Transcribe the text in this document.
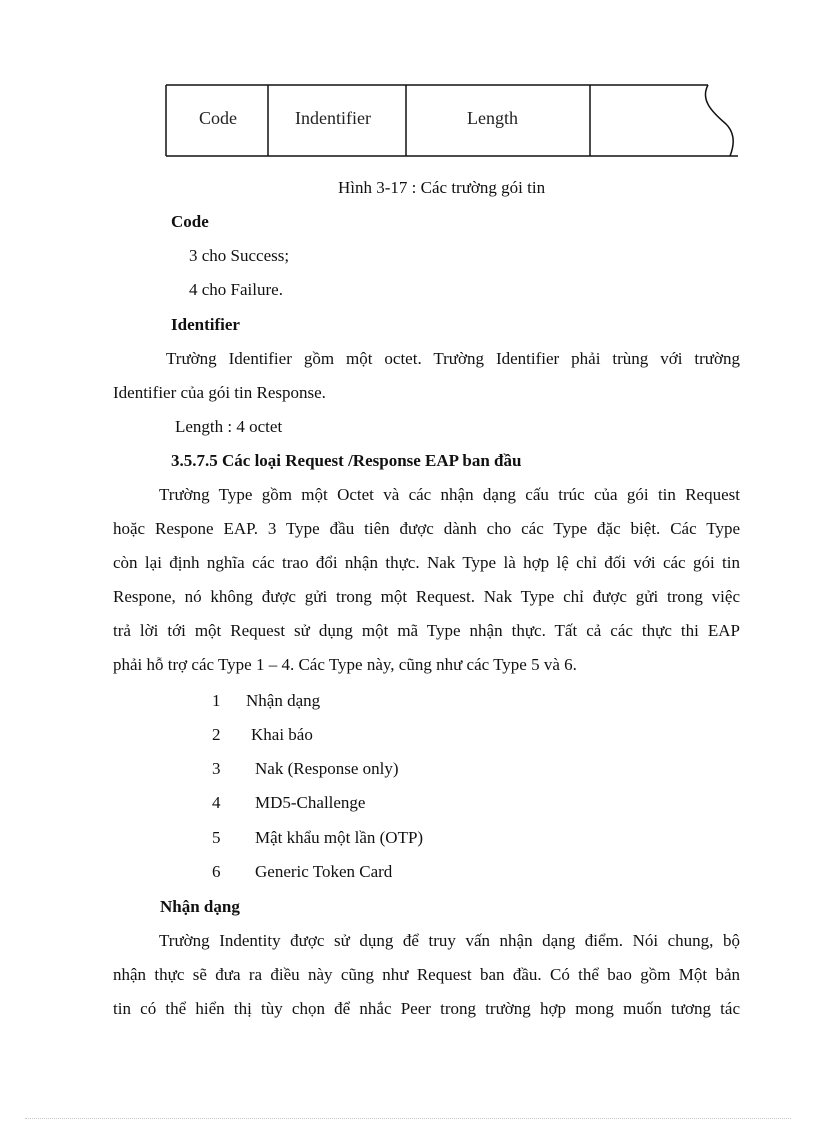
Code	Indentifier	Length
Hình 3-17 : Các trường gói tin
Code
3 cho Success;
4 cho Failure.
Identifier
Trường Identifier gồm một octet. Trường Identifier phải trùng với trường
Identifier của gói tin Response.
Length : 4 octet
3.5.7.5 Các loại Request /Response EAP ban đầu
Trường Type gồm một Octet và các nhận dạng cấu trúc của gói tin Request
hoặc Respone EAP. 3 Type đầu tiên được dành cho các Type đặc biệt. Các Type
còn lại định nghĩa các trao đổi nhận thực. Nak Type là hợp lệ chỉ đối với các gói tin
Respone, nó không được gửi trong một Request. Nak Type chỉ được gửi trong việc
trả lời tới một Request sử dụng một mã Type nhận thực. Tất cả các thực thi EAP
phải hỗ trợ các Type 1 – 4. Các Type này, cũng như các Type 5 và 6.
1 Nhận dạng
2 Khai báo
3 Nak (Response only)
4 MD5-Challenge
5 Mật khẩu một lần (OTP)
6 Generic Token Card
Nhận dạng
Trường Indentity được sử dụng để truy vấn nhận dạng điểm. Nói chung, bộ
nhận thực sẽ đưa ra điều này cũng như Request ban đầu. Có thể bao gồm Một bản
tin có thể hiển thị tùy chọn để nhắc Peer trong trường hợp mong muốn tương tác
